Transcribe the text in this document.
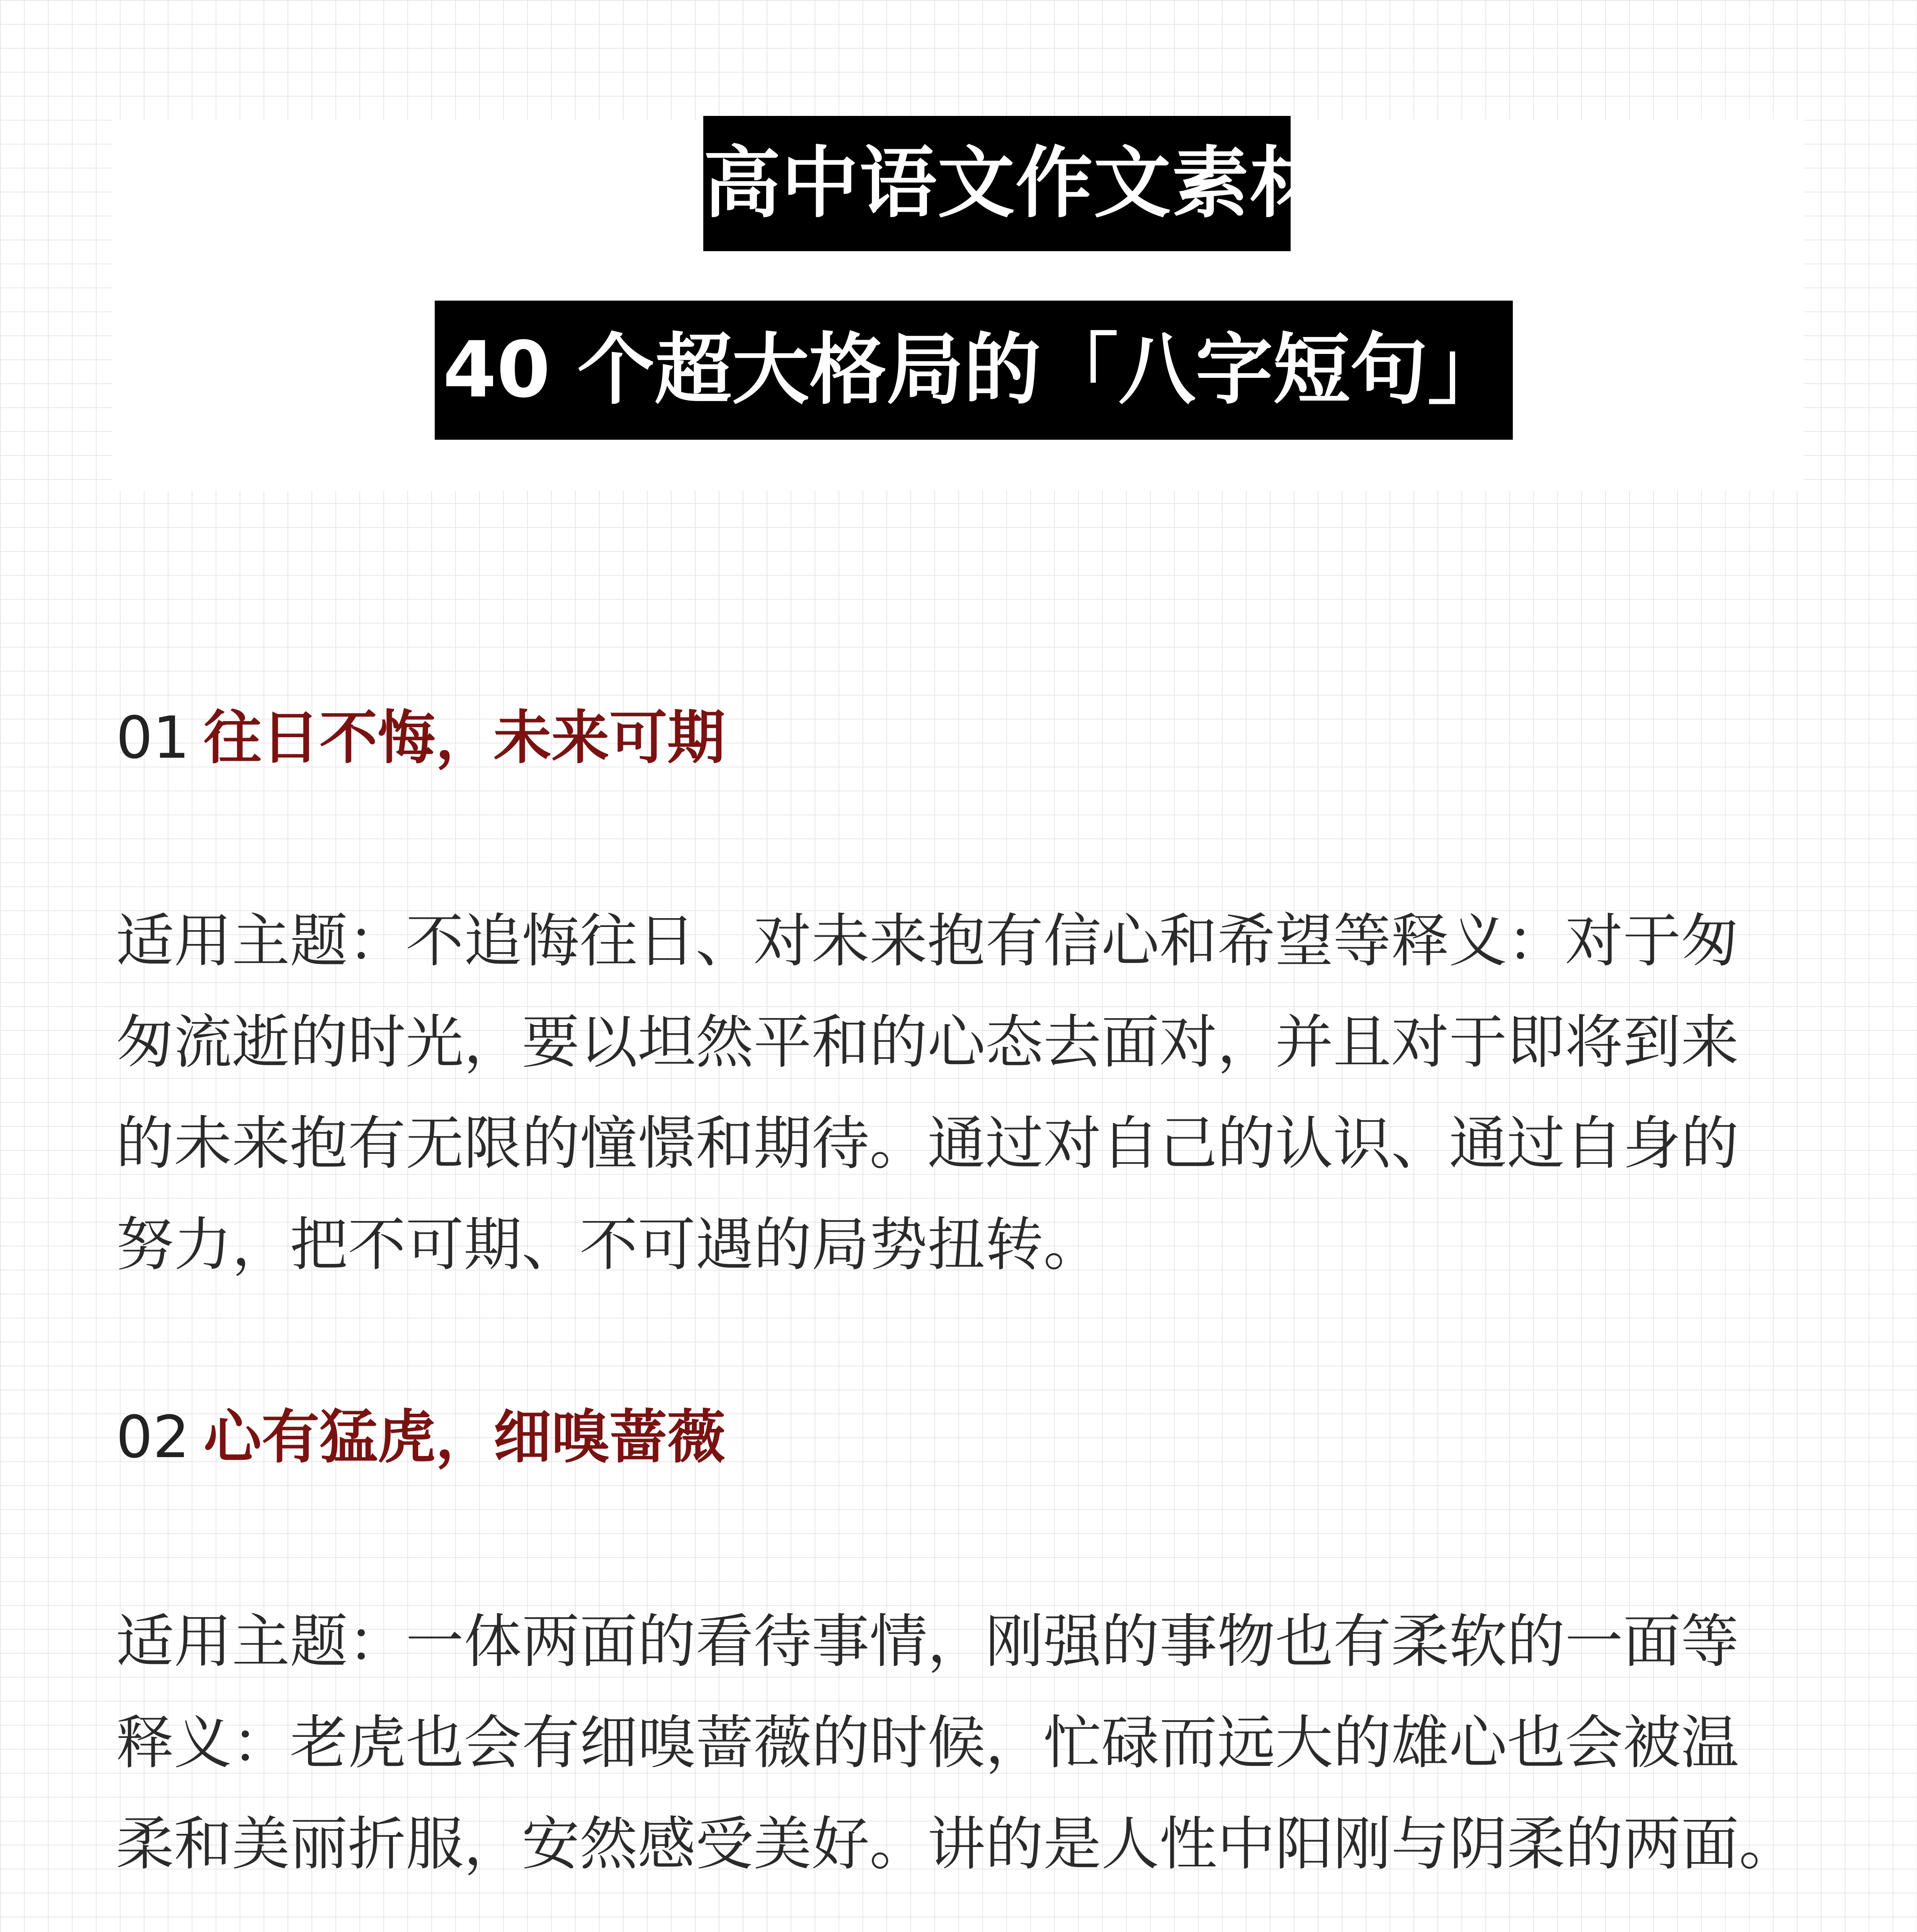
高中语文作文素材
40 个超大格局的「八字短句」
01 往日不悔，未来可期
适用主题：不追悔往日、对未来抱有信心和希望等释义：对于匆
匆流逝的时光，要以坦然平和的心态去面对，并且对于即将到来
的未来抱有无限的憧憬和期待。通过对自己的认识、通过自身的
努力，把不可期、不可遇的局势扭转。
02 心有猛虎，细嗅蔷薇
适用主题：一体两面的看待事情，刚强的事物也有柔软的一面等
释义：老虎也会有细嗅蔷薇的时候，忙碌而远大的雄心也会被温
柔和美丽折服，安然感受美好。讲的是人性中阳刚与阴柔的两面。
